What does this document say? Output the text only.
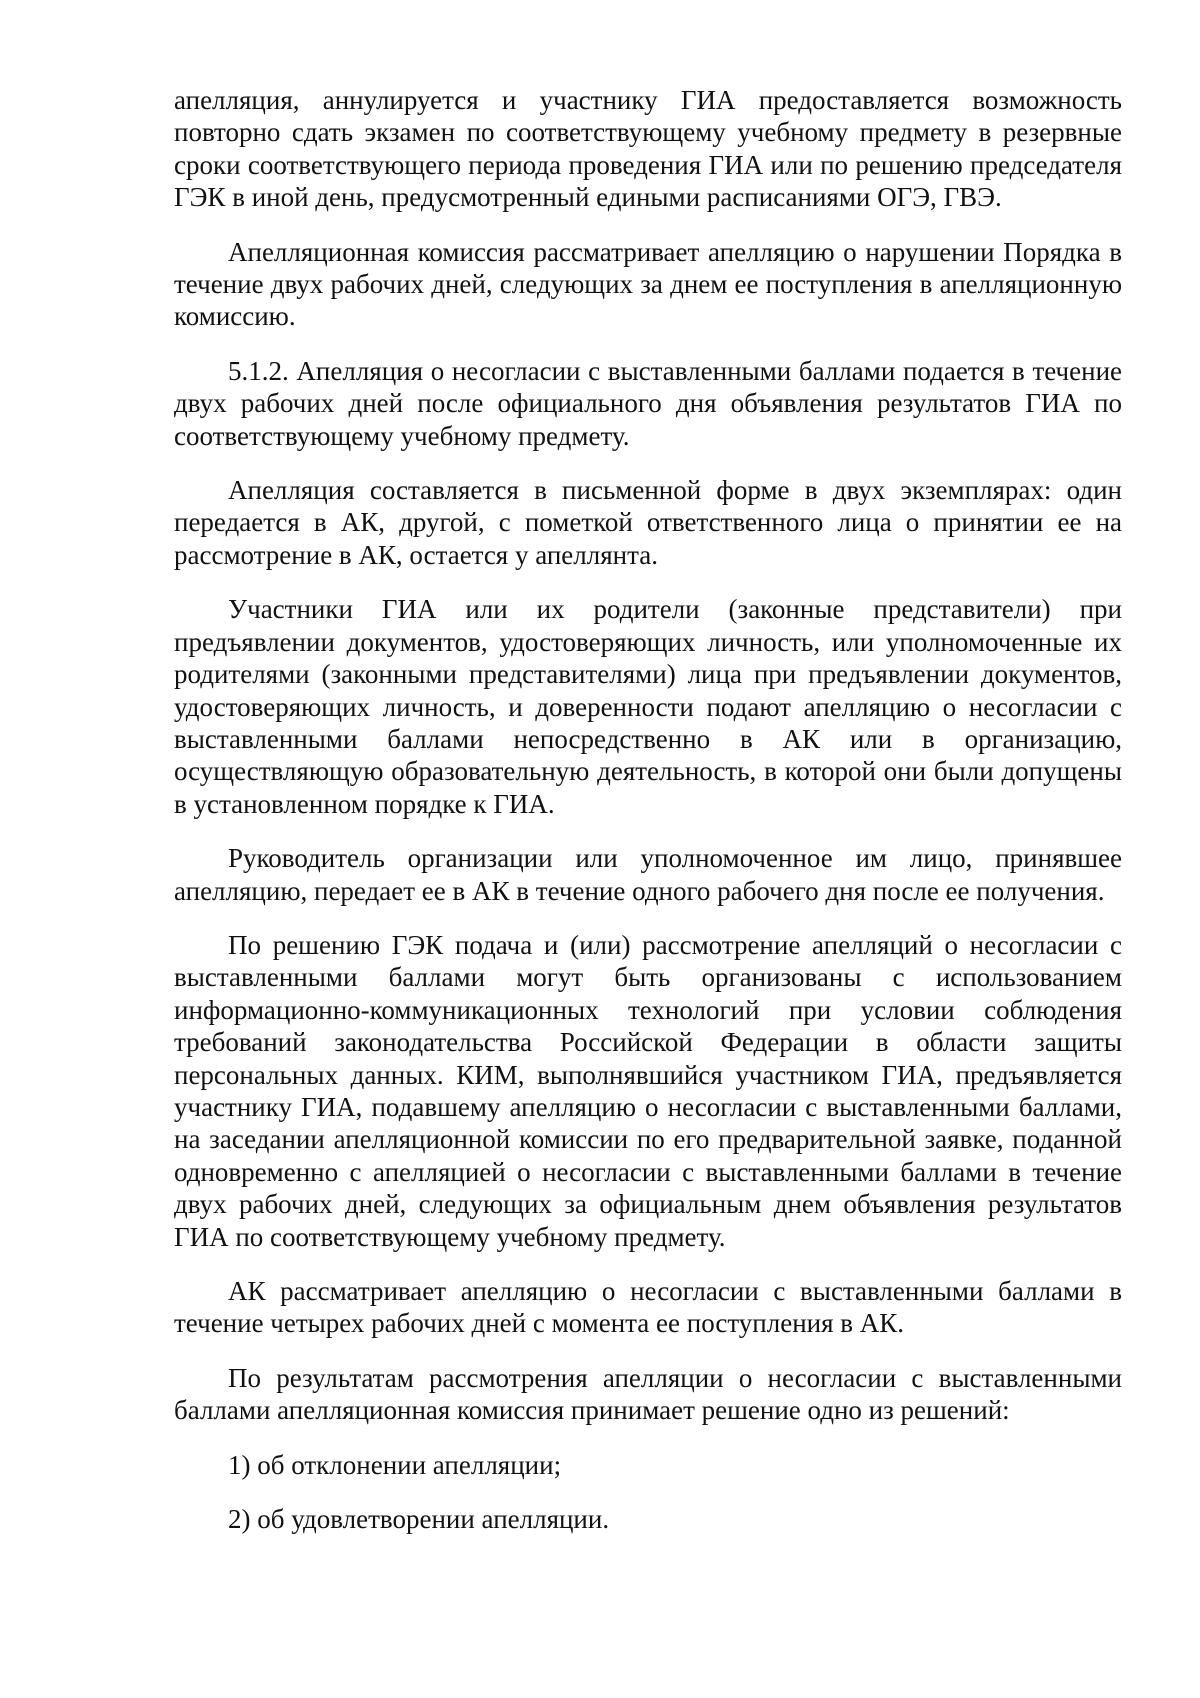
апелляция, аннулируется и участнику ГИА предоставляется возможность повторно сдать экзамен по соответствующему учебному предмету в резервные сроки соответствующего периода проведения ГИА или по решению председателя ГЭК в иной день, предусмотренный едиными расписаниями ОГЭ, ГВЭ.

Апелляционная комиссия рассматривает апелляцию о нарушении Порядка в течение двух рабочих дней, следующих за днем ее поступления в апелляционную комиссию.

5.1.2. Апелляция о несогласии с выставленными баллами подается в течение двух рабочих дней после официального дня объявления результатов ГИА по соответствующему учебному предмету.

Апелляция составляется в письменной форме в двух экземплярах: один передается в АК, другой, с пометкой ответственного лица о принятии ее на рассмотрение в АК, остается у апеллянта.

Участники ГИА или их родители (законные представители) при предъявлении документов, удостоверяющих личность, или уполномоченные их родителями (законными представителями) лица при предъявлении документов, удостоверяющих личность, и доверенности подают апелляцию о несогласии с выставленными баллами непосредственно в АК или в организацию, осуществляющую образовательную деятельность, в которой они были допущены в установленном порядке к ГИА.

Руководитель организации или уполномоченное им лицо, принявшее апелляцию, передает ее в АК в течение одного рабочего дня после ее получения.

По решению ГЭК подача и (или) рассмотрение апелляций о несогласии с выставленными баллами могут быть организованы с использованием информационно-коммуникационных технологий при условии соблюдения требований законодательства Российской Федерации в области защиты персональных данных. КИМ, выполнявшийся участником ГИА, предъявляется участнику ГИА, подавшему апелляцию о несогласии с выставленными баллами, на заседании апелляционной комиссии по его предварительной заявке, поданной одновременно с апелляцией о несогласии с выставленными баллами в течение двух рабочих дней, следующих за официальным днем объявления результатов ГИА по соответствующему учебному предмету.

АК рассматривает апелляцию о несогласии с выставленными баллами в течение четырех рабочих дней с момента ее поступления в АК.

По результатам рассмотрения апелляции о несогласии с выставленными баллами апелляционная комиссия принимает решение одно из решений:

1) об отклонении апелляции;

2) об удовлетворении апелляции.
